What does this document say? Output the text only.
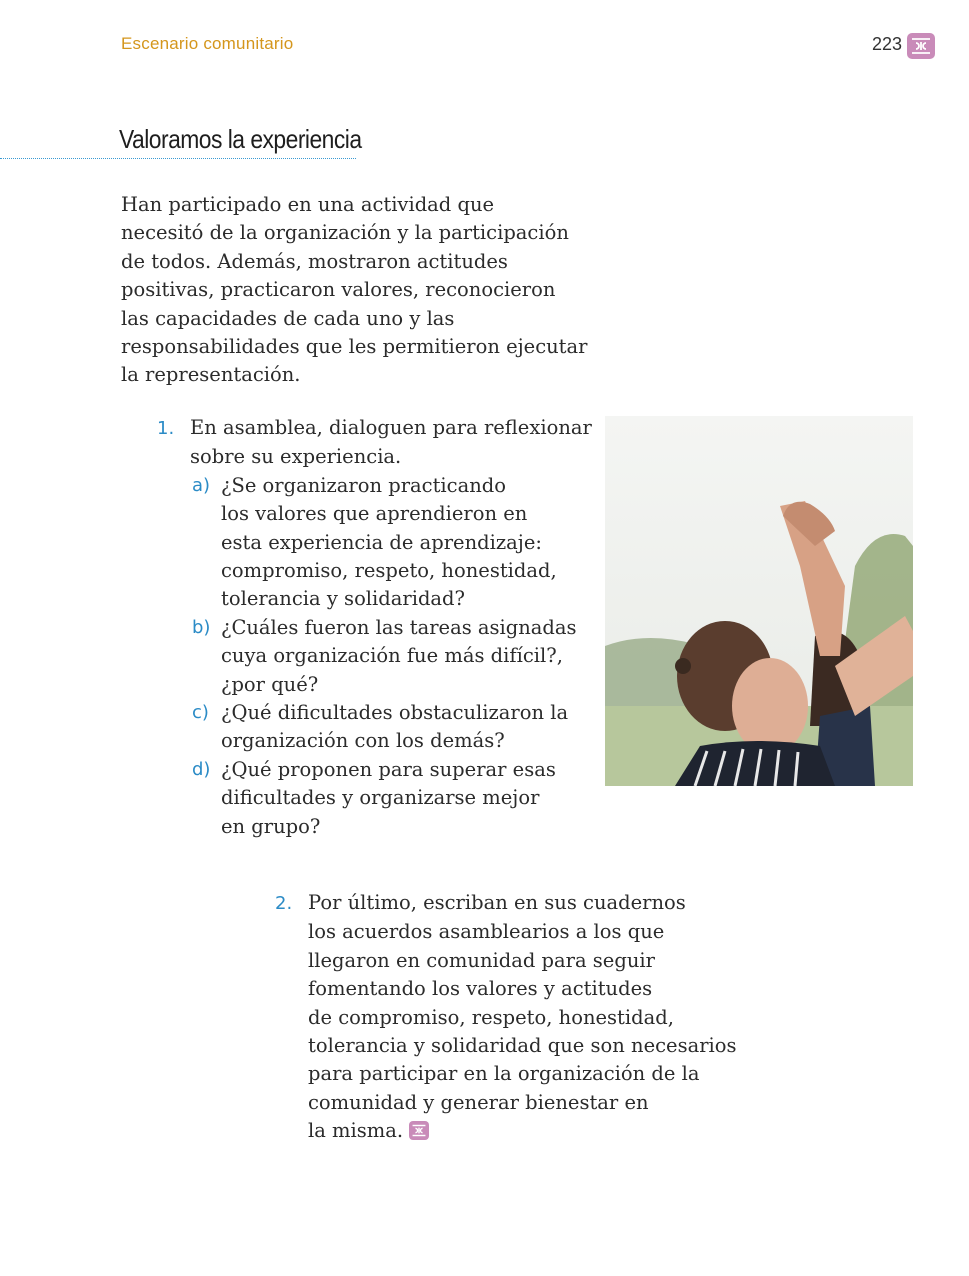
Escenario comunitario	223
Valoramos la experiencia

Han participado en una actividad que
necesitó de la organización y la participación
de todos. Además, mostraron actitudes
positivas, practicaron valores, reconocieron
las capacidades de cada uno y las
responsabilidades que les permitieron ejecutar
la representación.

1. En asamblea, dialoguen para reflexionar
sobre su experiencia.
a) ¿Se organizaron practicando
los valores que aprendieron en
esta experiencia de aprendizaje:
compromiso, respeto, honestidad,
tolerancia y solidaridad?
b) ¿Cuáles fueron las tareas asignadas
cuya organización fue más difícil?,
¿por qué?
c) ¿Qué dificultades obstaculizaron la
organización con los demás?
d) ¿Qué proponen para superar esas
dificultades y organizarse mejor
en grupo?
2. Por último, escriban en sus cuadernos
los acuerdos asamblearios a los que
llegaron en comunidad para seguir
fomentando los valores y actitudes
de compromiso, respeto, honestidad,
tolerancia y solidaridad que son necesarios
para participar en la organización de la
comunidad y generar bienestar en
la misma.
